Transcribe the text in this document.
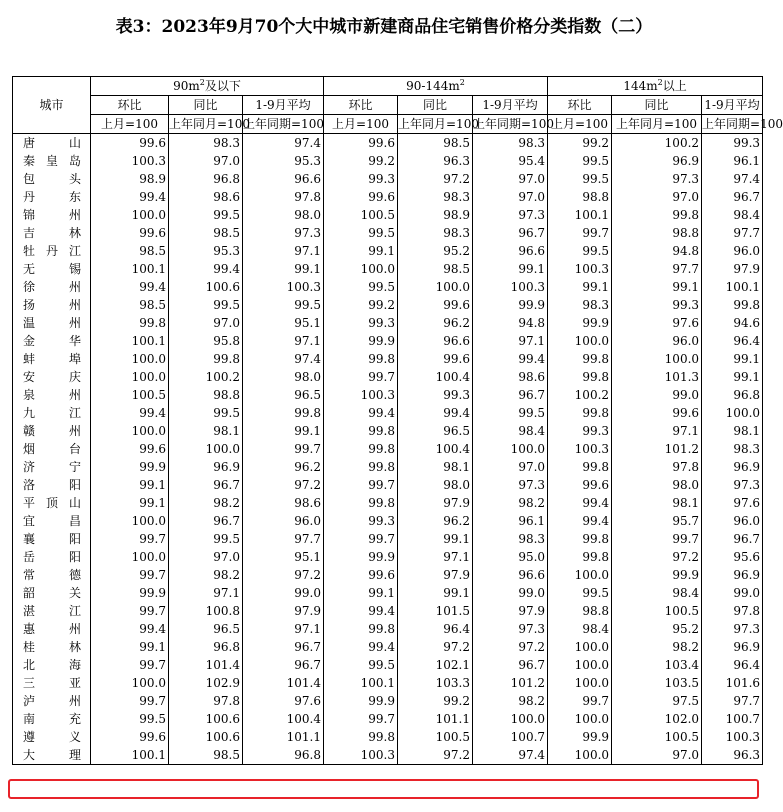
表3：2023年9月70个大中城市新建商品住宅销售价格分类指数（二）
城市	$90m^2$及以下			$90-144m^2$			$144m^2$以上		
	环比	同比	1-9月平均	环比	同比	1-9月平均	环比	同比	1-9月平均
	上月=100	上年同月=100	上年同期=100	上月=100	上年同月=100	上年同期=100	上月=100	上年同月=100	上年同期=100

唐 山	99.6	98.3	97.4	99.6	98.5	98.3	99.2	100.2	99.3

秦 皇 岛	100.3	97.0	95.3	99.2	96.3	95.4	99.5	96.9	96.1

包 头	98.9	96.8	96.6	99.3	97.2	97.0	99.5	97.3	97.4

丹 东	99.4	98.6	97.8	99.6	98.3	97.0	98.8	97.0	96.7

锦 州	100.0	99.5	98.0	100.5	98.9	97.3	100.1	99.8	98.4

吉 林	99.6	98.5	97.3	99.5	98.3	96.7	99.7	98.8	97.7

牡 丹 江	98.5	95.3	97.1	99.1	95.2	96.6	99.5	94.8	96.0

无 锡	100.1	99.4	99.1	100.0	98.5	99.1	100.3	97.7	97.9

徐 州	99.4	100.6	100.3	99.5	100.0	100.3	99.1	99.1	100.1

扬 州	98.5	99.5	99.5	99.2	99.6	99.9	98.3	99.3	99.8

温 州	99.8	97.0	95.1	99.3	96.2	94.8	99.9	97.6	94.6

金 华	100.1	95.8	97.1	99.9	96.6	97.1	100.0	96.0	96.4

蚌 埠	100.0	99.8	97.4	99.8	99.6	99.4	99.8	100.0	99.1

安 庆	100.0	100.2	98.0	99.7	100.4	98.6	99.8	101.3	99.1

泉 州	100.5	98.8	96.5	100.3	99.3	96.7	100.2	99.0	96.8

九 江	99.4	99.5	99.8	99.4	99.4	99.5	99.8	99.6	100.0

赣 州	100.0	98.1	99.1	99.8	96.5	98.4	99.3	97.1	98.1

烟 台	99.6	100.0	99.7	99.8	100.4	100.0	100.3	101.2	98.3

济 宁	99.9	96.9	96.2	99.8	98.1	97.0	99.8	97.8	96.9

洛 阳	99.1	96.7	97.2	99.7	98.0	97.3	99.6	98.0	97.3

平 顶 山	99.1	98.2	98.6	99.8	97.9	98.2	99.4	98.1	97.6

宜 昌	100.0	96.7	96.0	99.3	96.2	96.1	99.4	95.7	96.0

襄 阳	99.7	99.5	97.7	99.7	99.1	98.3	99.8	99.7	96.7

岳 阳	100.0	97.0	95.1	99.9	97.1	95.0	99.8	97.2	95.6

常 德	99.7	98.2	97.2	99.6	97.9	96.6	100.0	99.9	96.9

韶 关	99.9	97.1	99.0	99.1	99.1	99.0	99.5	98.4	99.0

湛 江	99.7	100.8	97.9	99.4	101.5	97.9	98.8	100.5	97.8

惠 州	99.4	96.5	97.1	99.8	96.4	97.3	98.4	95.2	97.3

桂 林	99.1	96.8	96.7	99.4	97.2	97.2	100.0	98.2	96.9

北 海	99.7	101.4	96.7	99.5	102.1	96.7	100.0	103.4	96.4

三 亚	100.0	102.9	101.4	100.1	103.3	101.2	100.0	103.5	101.6

泸 州	99.7	97.8	97.6	99.9	99.2	98.2	99.7	97.5	97.7

南 充	99.5	100.6	100.4	99.7	101.1	100.0	100.0	102.0	100.7

遵 义	99.6	100.6	101.1	99.8	100.5	100.7	99.9	100.5	100.3

大 理	100.1	98.5	96.8	100.3	97.2	97.4	100.0	97.0	96.3
